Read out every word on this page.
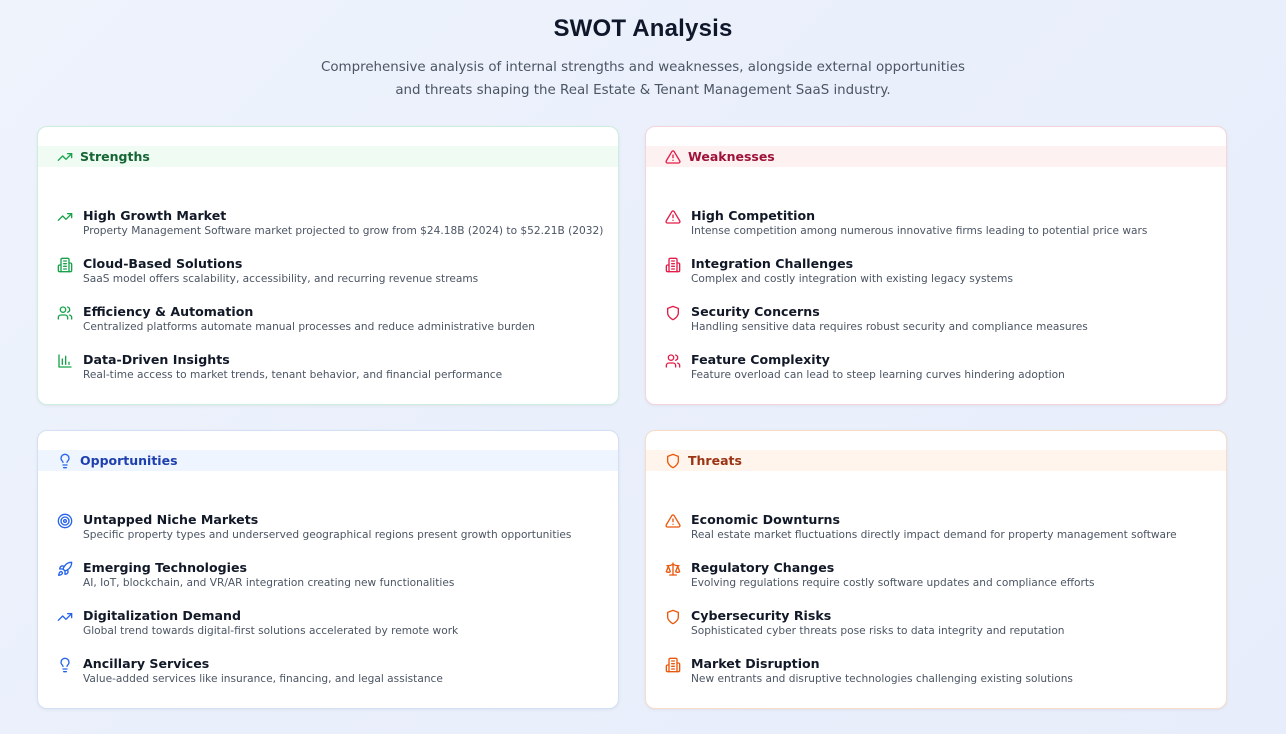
SWOT Analysis

Comprehensive analysis of internal strengths and weaknesses, alongside external opportunities
and threats shaping the Real Estate & Tenant Management SaaS industry.

Strengths
High Growth Market
Property Management Software market projected to grow from $24.18B (2024) to $52.21B (2032)
Cloud-Based Solutions
SaaS model offers scalability, accessibility, and recurring revenue streams
Efficiency & Automation
Centralized platforms automate manual processes and reduce administrative burden
Data-Driven Insights
Real-time access to market trends, tenant behavior, and financial performance
Weaknesses
High Competition
Intense competition among numerous innovative firms leading to potential price wars
Integration Challenges
Complex and costly integration with existing legacy systems
Security Concerns
Handling sensitive data requires robust security and compliance measures
Feature Complexity
Feature overload can lead to steep learning curves hindering adoption
Opportunities
Untapped Niche Markets
Specific property types and underserved geographical regions present growth opportunities
Emerging Technologies
AI, IoT, blockchain, and VR/AR integration creating new functionalities
Digitalization Demand
Global trend towards digital-first solutions accelerated by remote work
Ancillary Services
Value-added services like insurance, financing, and legal assistance
Threats
Economic Downturns
Real estate market fluctuations directly impact demand for property management software
Regulatory Changes
Evolving regulations require costly software updates and compliance efforts
Cybersecurity Risks
Sophisticated cyber threats pose risks to data integrity and reputation
Market Disruption
New entrants and disruptive technologies challenging existing solutions
